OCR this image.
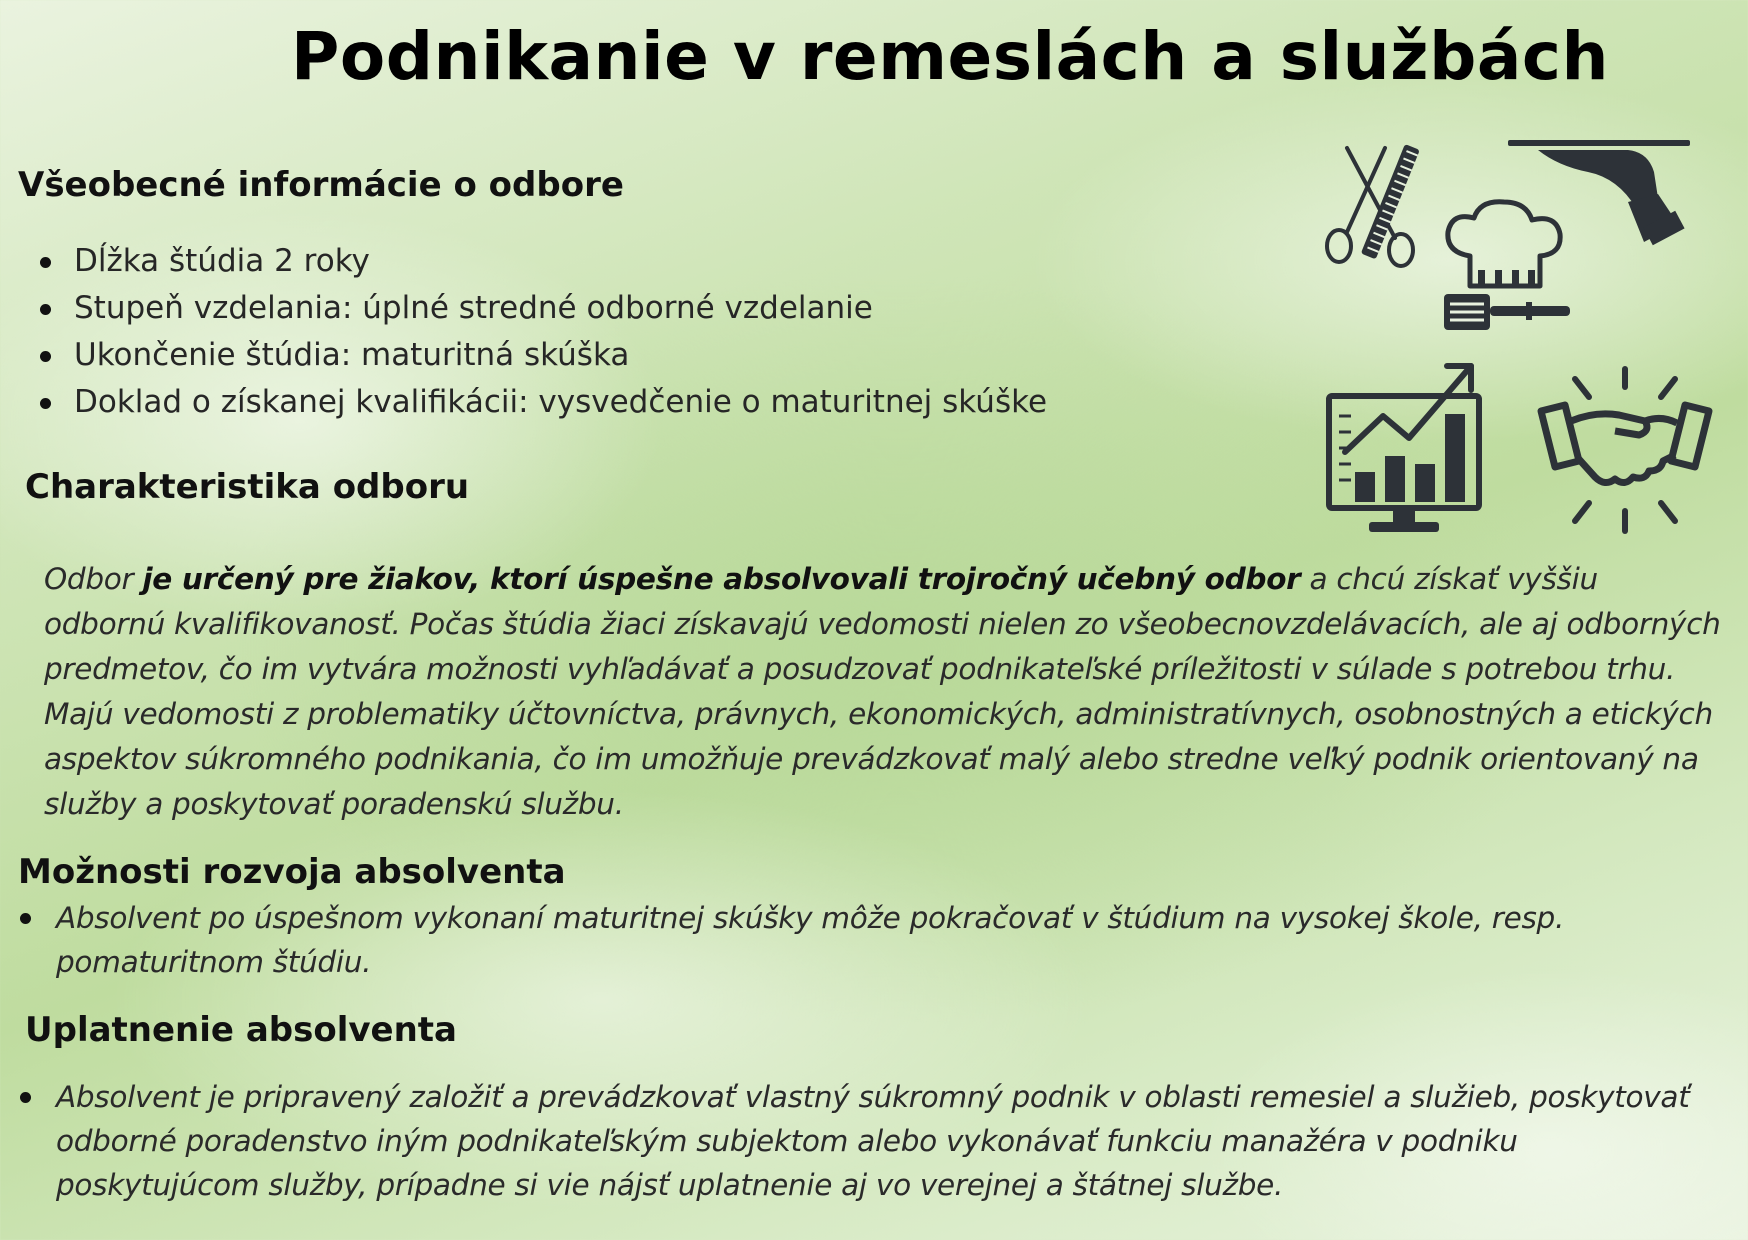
Podnikanie v remeslách a službách
Všeobecné informácie o odbore
Dĺžka štúdia 2 roky
Stupeň vzdelania: úplné stredné odborné vzdelanie
Ukončenie štúdia: maturitná skúška
Doklad o získanej kvalifikácii: vysvedčenie o maturitnej skúške
Charakteristika odboru

Odbor je určený pre žiakov, ktorí úspešne absolvovali trojročný učebný odbor a chcú získať vyššiu odbornú kvalifikovanosť. Počas štúdia žiaci získavajú vedomosti nielen zo všeobecnovzdelávacích, ale aj odborných predmetov, čo im vytvára možnosti vyhľadávať a posudzovať podnikateľské príležitosti v súlade s potrebou trhu. Majú vedomosti z problematiky účtovníctva, právnych, ekonomických, administratívnych, osobnostných a etických aspektov súkromného podnikania, čo im umožňuje prevádzkovať malý alebo stredne veľký podnik orientovaný na služby a poskytovať poradenskú službu.

Možnosti rozvoja absolventa
Absolvent po úspešnom vykonaní maturitnej skúšky môže pokračovať v štúdium na vysokej škole, resp. pomaturitnom štúdiu.
Uplatnenie absolventa
Absolvent je pripravený založiť a prevádzkovať vlastný súkromný podnik v oblasti remesiel a služieb, poskytovať odborné poradenstvo iným podnikateľským subjektom alebo vykonávať funkciu manažéra v podniku poskytujúcom služby, prípadne si vie nájsť uplatnenie aj vo verejnej a štátnej službe.
